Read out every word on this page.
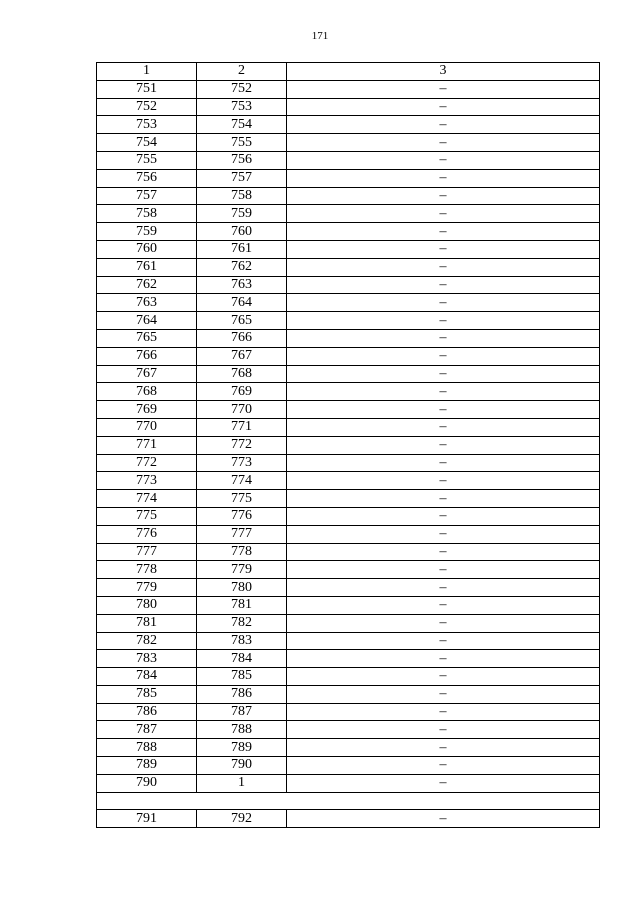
171
1	2	3
751	752	–
752	753	–
753	754	–
754	755	–
755	756	–
756	757	–
757	758	–
758	759	–
759	760	–
760	761	–
761	762	–
762	763	–
763	764	–
764	765	–
765	766	–
766	767	–
767	768	–
768	769	–
769	770	–
770	771	–
771	772	–
772	773	–
773	774	–
774	775	–
775	776	–
776	777	–
777	778	–
778	779	–
779	780	–
780	781	–
781	782	–
782	783	–
783	784	–
784	785	–
785	786	–
786	787	–
787	788	–
788	789	–
789	790	–
790	1	–

791	792	–
